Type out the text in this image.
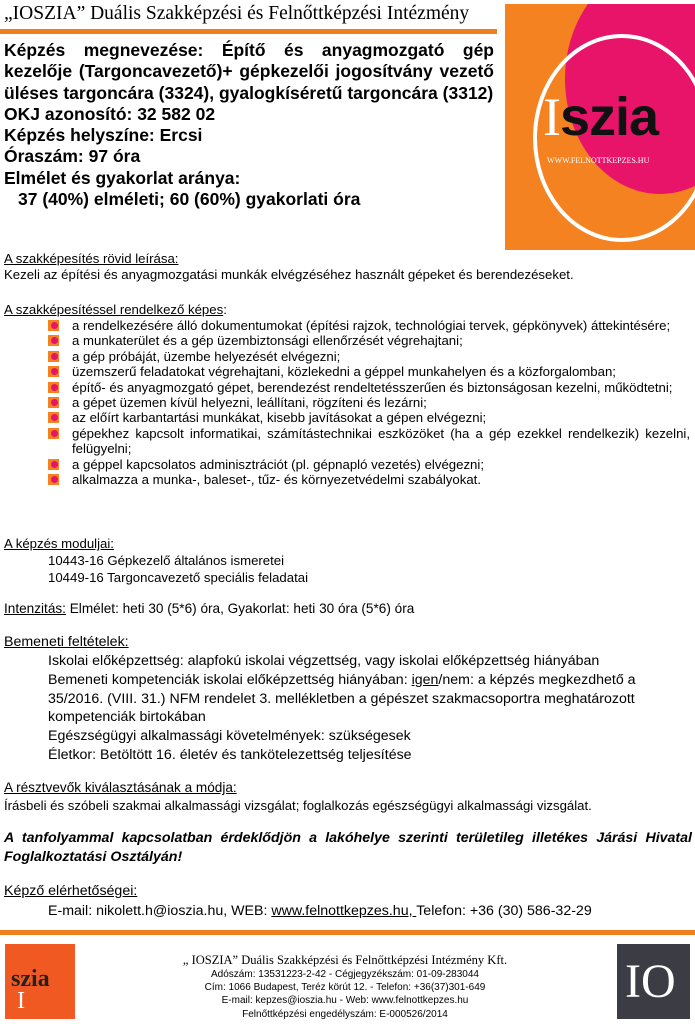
„IOSZIA” Duális Szakképzési és Felnőttképzési Intézmény
Iszia
WWW.FELNOTTKEPZES.HU
Képzés megnevezése: Építő és anyagmozgató gép kezelője (Targoncavezető)+ gépkezelői jogosítvány vezető üléses targoncára (3324), gyalogkíséretű targoncára (3312)
OKJ azonosító: 32 582 02
Képzés helyszíne: Ercsi
Óraszám: 97 óra
Elmélet és gyakorlat aránya:
37 (40%) elméleti; 60 (60%) gyakorlati óra
A szakképesítés rövid leírása:
Kezeli az építési és anyagmozgatási munkák elvégzéséhez használt gépeket és berendezéseket.
A szakképesítéssel rendelkező képes:
a rendelkezésére álló dokumentumokat (építési rajzok, technológiai tervek, gépkönyvek) áttekintésére;
a munkaterület és a gép üzembiztonsági ellenőrzését végrehajtani;
a gép próbáját, üzembe helyezését elvégezni;
üzemszerű feladatokat végrehajtani, közlekedni a géppel munkahelyen és a közforgalomban;
építő- és anyagmozgató gépet, berendezést rendeltetésszerűen és biztonságosan kezelni, működtetni;
a gépet üzemen kívül helyezni, leállítani, rögzíteni és lezárni;
az előírt karbantartási munkákat, kisebb javításokat a gépen elvégezni;
gépekhez kapcsolt informatikai, számítástechnikai eszközöket (ha a gép ezekkel rendelkezik) kezelni, felügyelni;
a géppel kapcsolatos adminisztrációt (pl. gépnapló vezetés) elvégezni;
alkalmazza a munka-, baleset-, tűz- és környezetvédelmi szabályokat.
A képzés moduljai:
10443-16 Gépkezelő általános ismeretei
10449-16 Targoncavezető speciális feladatai
Intenzitás: Elmélet: heti 30 (5*6) óra, Gyakorlat: heti 30 óra (5*6) óra
Bemeneti feltételek:
Iskolai előképzettség: alapfokú iskolai végzettség, vagy iskolai előképzettség hiányában
Bemeneti kompetenciák iskolai előképzettség hiányában: igen/nem: a képzés megkezdhető a 35/2016. (VIII. 31.) NFM rendelet 3. mellékletben a gépészet szakmacsoportra meghatározott kompetenciák birtokában
Egészségügyi alkalmassági követelmények: szükségesek
Életkor: Betöltött 16. életév és tankötelezettség teljesítése
A résztvevők kiválasztásának a módja:
Írásbeli és szóbeli szakmai alkalmassági vizsgálat; foglalkozás egészségügyi alkalmassági vizsgálat.
A tanfolyammal kapcsolatban érdeklődjön a lakóhelye szerinti területileg illetékes Járási Hivatal Foglalkoztatási Osztályán!
Képző elérhetőségei:
E-mail: nikolett.h@ioszia.hu, WEB: www.felnottkepzes.hu, Telefon: +36 (30) 586-32-29
I
szia
„ IOSZIA” Duális Szakképzési és Felnőttképzési Intézmény Kft.
Adószám: 13531223-2-42 - Cégjegyzékszám: 01-09-283044
Cím: 1066 Budapest, Teréz körút 12. - Telefon: +36(37)301-649
E-mail: kepzes@ioszia.hu - Web: www.felnottkepzes.hu
Felnőttképzési engedélyszám: E-000526/2014
IO
